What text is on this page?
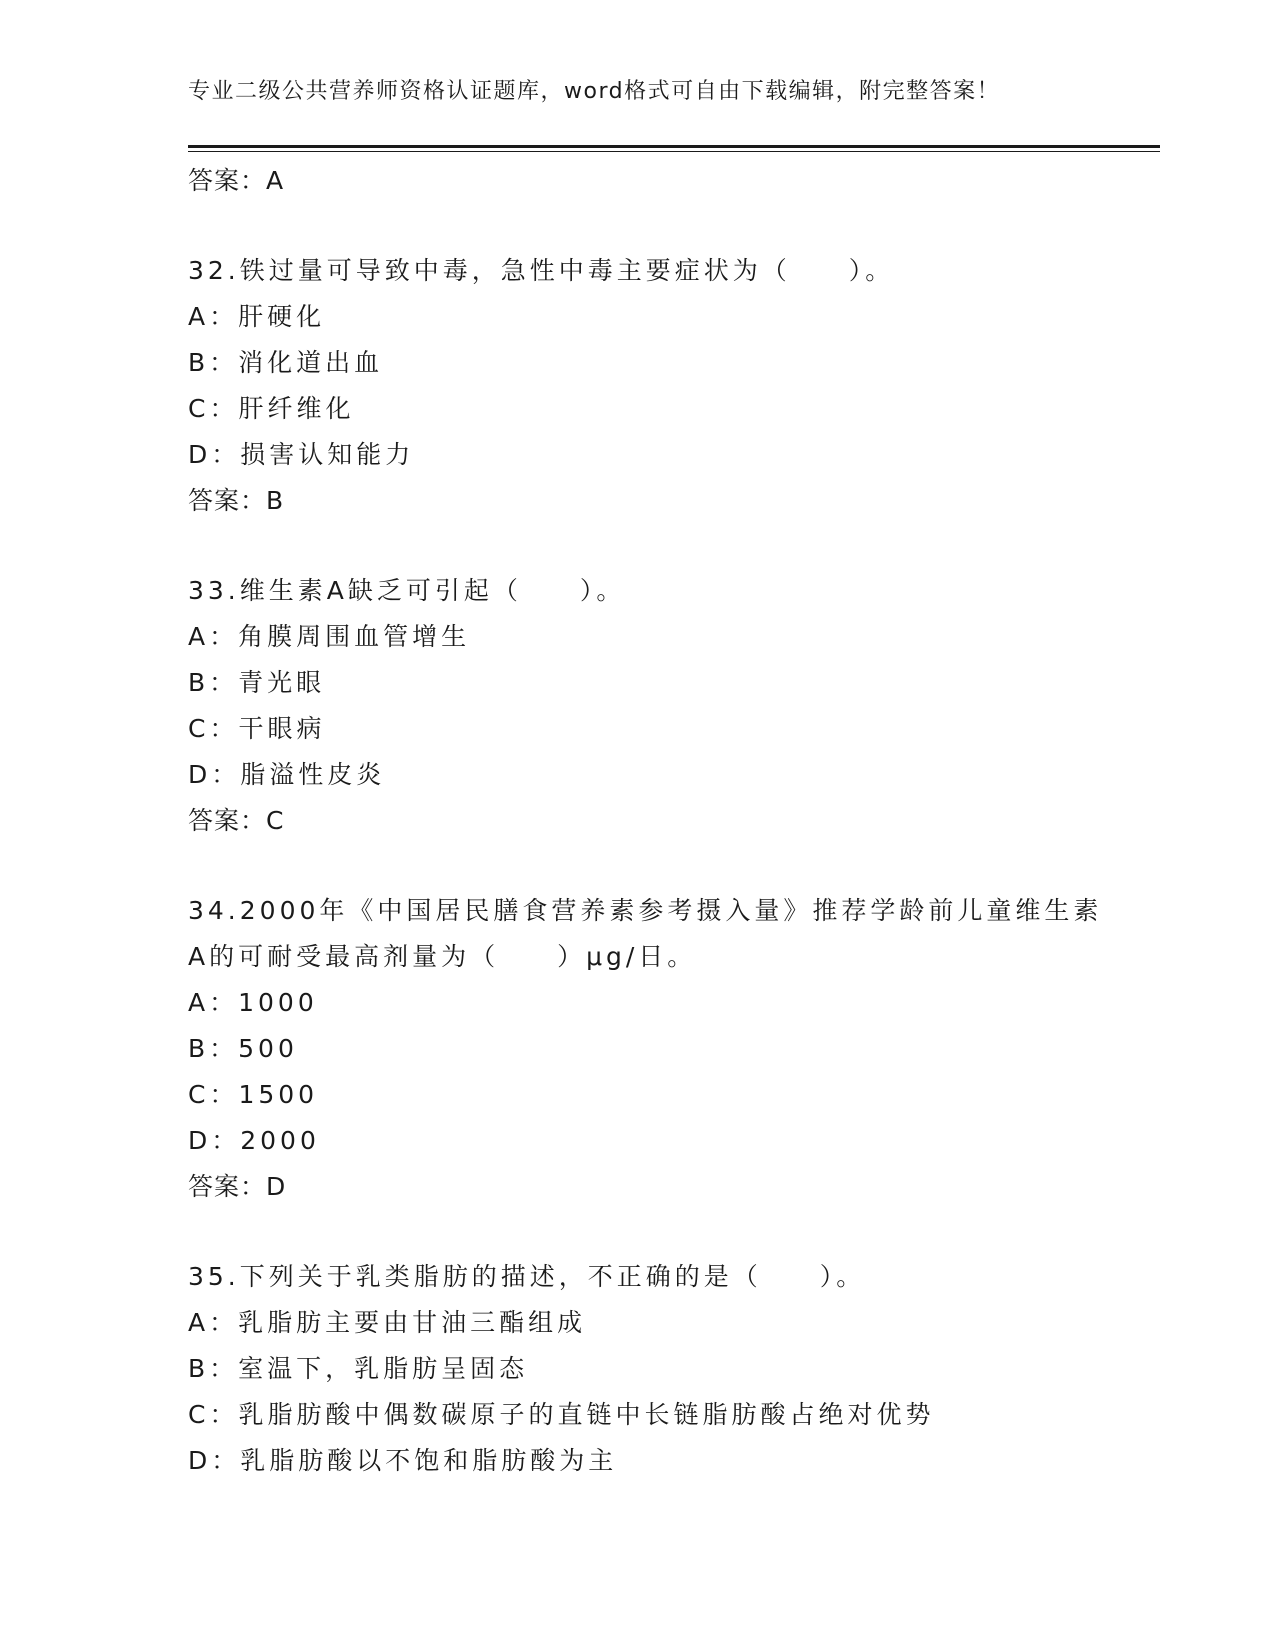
专业二级公共营养师资格认证题库，word格式可自由下载编辑，附完整答案！
答案：A
32.铁过量可导致中毒，急性中毒主要症状为（　　）。
A：肝硬化
B：消化道出血
C：肝纤维化
D：损害认知能力
答案：B
33.维生素A缺乏可引起（　　）。
A：角膜周围血管增生
B：青光眼
C：干眼病
D：脂溢性皮炎
答案：C
34.2000年《中国居民膳食营养素参考摄入量》推荐学龄前儿童维生素
A的可耐受最高剂量为（　　）μg/日。
A：1000
B：500
C：1500
D：2000
答案：D
35.下列关于乳类脂肪的描述，不正确的是（　　）。
A：乳脂肪主要由甘油三酯组成
B：室温下，乳脂肪呈固态
C：乳脂肪酸中偶数碳原子的直链中长链脂肪酸占绝对优势
D：乳脂肪酸以不饱和脂肪酸为主
